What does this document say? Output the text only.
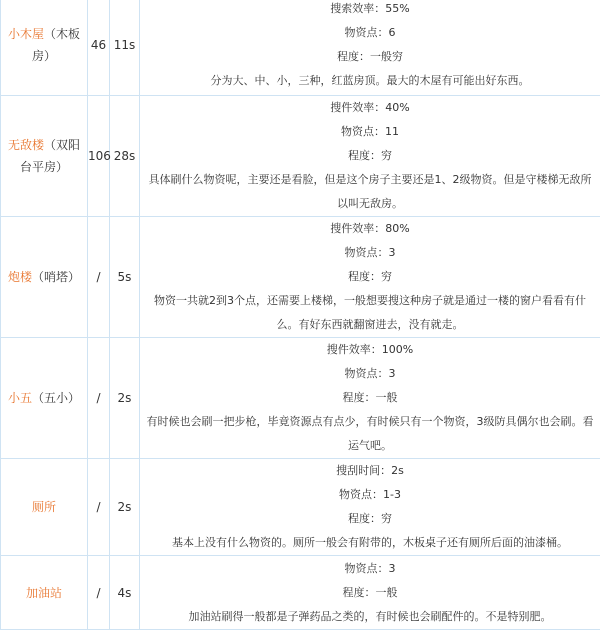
小木屋（木板房）	46	11s	搜索效率：55%
物资点：6
程度：一般穷
分为大、中、小，三种，红蓝房顶。最大的木屋有可能出好东西。

无敌楼（双阳台平房）	106	28s	搜件效率：40%
物资点：11
程度：穷
具体刷什么物资呢，主要还是看脸，但是这个房子主要还是1、2级物资。但是守楼梯无敌所以叫无敌房。

炮楼（哨塔）	/	5s	搜件效率：80%
物资点：3
程度：穷
物资一共就2到3个点，还需要上楼梯，一般想要搜这种房子就是通过一楼的窗户看看有什么。有好东西就翻窗进去，没有就走。

小五（五小）	/	2s	搜件效率：100%
物资点：3
程度：一般
有时候也会刷一把步枪，毕竟资源点有点少，有时候只有一个物资，3级防具偶尔也会刷。看运气吧。

厕所	/	2s	搜刮时间：2s
物资点：1-3
程度：穷
基本上没有什么物资的。厕所一般会有附带的，木板桌子还有厕所后面的油漆桶。

加油站	/	4s	物资点：3
程度：一般
加油站刷得一般都是子弹药品之类的，有时候也会刷配件的。不是特别肥。
